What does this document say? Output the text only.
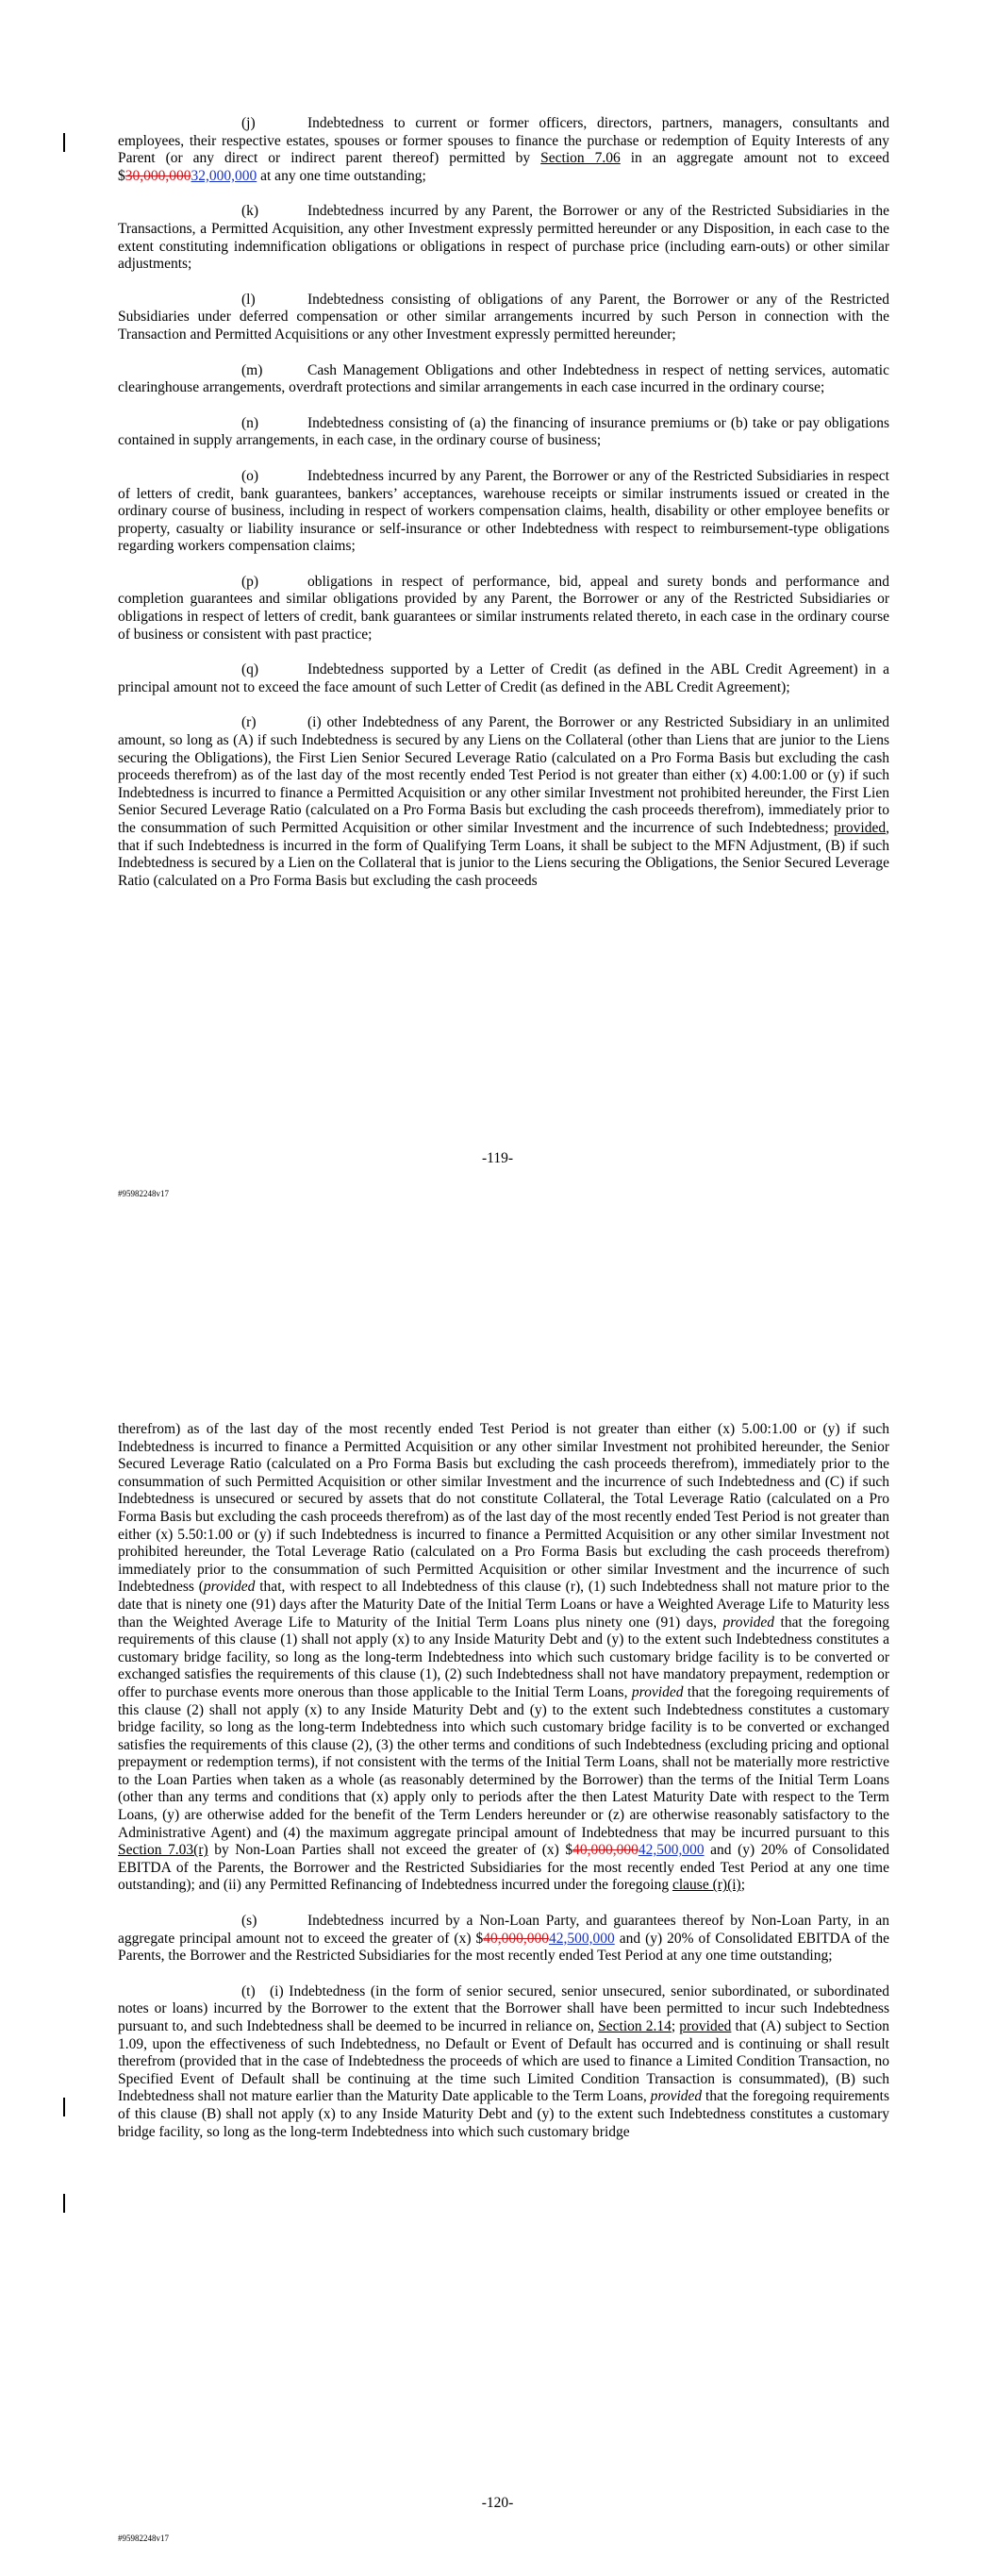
(j)	Indebtedness to current or former officers, directors, partners, managers, consultants and employees, their respective estates, spouses or former spouses to finance the purchase or redemption of Equity Interests of any Parent (or any direct or indirect parent thereof) permitted by Section 7.06 in an aggregate amount not to exceed $30,000,00032,000,000 at any one time outstanding;

(k)	Indebtedness incurred by any Parent, the Borrower or any of the Restricted Subsidiaries in the Transactions, a Permitted Acquisition, any other Investment expressly permitted hereunder or any Disposition, in each case to the extent constituting indemnification obligations or obligations in respect of purchase price (including earn-outs) or other similar adjustments;

(l)	Indebtedness consisting of obligations of any Parent, the Borrower or any of the Restricted Subsidiaries under deferred compensation or other similar arrangements incurred by such Person in connection with the Transaction and Permitted Acquisitions or any other Investment expressly permitted hereunder;

(m)	Cash Management Obligations and other Indebtedness in respect of netting services, automatic clearinghouse arrangements, overdraft protections and similar arrangements in each case incurred in the ordinary course;

(n)	Indebtedness consisting of (a) the financing of insurance premiums or (b) take or pay obligations contained in supply arrangements, in each case, in the ordinary course of business;

(o)	Indebtedness incurred by any Parent, the Borrower or any of the Restricted Subsidiaries in respect of letters of credit, bank guarantees, bankers’ acceptances, warehouse receipts or similar instruments issued or created in the ordinary course of business, including in respect of workers compensation claims, health, disability or other employee benefits or property, casualty or liability insurance or self-insurance or other Indebtedness with respect to reimbursement-type obligations regarding workers compensation claims;

(p)	obligations in respect of performance, bid, appeal and surety bonds and performance and completion guarantees and similar obligations provided by any Parent, the Borrower or any of the Restricted Subsidiaries or obligations in respect of letters of credit, bank guarantees or similar instruments related thereto, in each case in the ordinary course of business or consistent with past practice;

(q)	Indebtedness supported by a Letter of Credit (as defined in the ABL Credit Agreement) in a principal amount not to exceed the face amount of such Letter of Credit (as defined in the ABL Credit Agreement);

(r)	(i) other Indebtedness of any Parent, the Borrower or any Restricted Subsidiary in an unlimited amount, so long as (A) if such Indebtedness is secured by any Liens on the Collateral (other than Liens that are junior to the Liens securing the Obligations), the First Lien Senior Secured Leverage Ratio (calculated on a Pro Forma Basis but excluding the cash proceeds therefrom) as of the last day of the most recently ended Test Period is not greater than either (x) 4.00:1.00 or (y) if such Indebtedness is incurred to finance a Permitted Acquisition or any other similar Investment not prohibited hereunder, the First Lien Senior Secured Leverage Ratio (calculated on a Pro Forma Basis but excluding the cash proceeds therefrom), immediately prior to the consummation of such Permitted Acquisition or other similar Investment and the incurrence of such Indebtedness; provided, that if such Indebtedness is incurred in the form of Qualifying Term Loans, it shall be subject to the MFN Adjustment, (B) if such Indebtedness is secured by a Lien on the Collateral that is junior to the Liens securing the Obligations, the Senior Secured Leverage Ratio (calculated on a Pro Forma Basis but excluding the cash proceeds

-119-
#95982248v17

therefrom) as of the last day of the most recently ended Test Period is not greater than either (x) 5.00:1.00 or (y) if such Indebtedness is incurred to finance a Permitted Acquisition or any other similar Investment not prohibited hereunder, the Senior Secured Leverage Ratio (calculated on a Pro Forma Basis but excluding the cash proceeds therefrom), immediately prior to the consummation of such Permitted Acquisition or other similar Investment and the incurrence of such Indebtedness and (C) if such Indebtedness is unsecured or secured by assets that do not constitute Collateral, the Total Leverage Ratio (calculated on a Pro Forma Basis but excluding the cash proceeds therefrom) as of the last day of the most recently ended Test Period is not greater than either (x) 5.50:1.00 or (y) if such Indebtedness is incurred to finance a Permitted Acquisition or any other similar Investment not prohibited hereunder, the Total Leverage Ratio (calculated on a Pro Forma Basis but excluding the cash proceeds therefrom) immediately prior to the consummation of such Permitted Acquisition or other similar Investment and the incurrence of such Indebtedness (provided that, with respect to all Indebtedness of this clause (r), (1) such Indebtedness shall not mature prior to the date that is ninety one (91) days after the Maturity Date of the Initial Term Loans or have a Weighted Average Life to Maturity less than the Weighted Average Life to Maturity of the Initial Term Loans plus ninety one (91) days, provided that the foregoing requirements of this clause (1) shall not apply (x) to any Inside Maturity Debt and (y) to the extent such Indebtedness constitutes a customary bridge facility, so long as the long-term Indebtedness into which such customary bridge facility is to be converted or exchanged satisfies the requirements of this clause (1), (2) such Indebtedness shall not have mandatory prepayment, redemption or offer to purchase events more onerous than those applicable to the Initial Term Loans, provided that the foregoing requirements of this clause (2) shall not apply (x) to any Inside Maturity Debt and (y) to the extent such Indebtedness constitutes a customary bridge facility, so long as the long-term Indebtedness into which such customary bridge facility is to be converted or exchanged satisfies the requirements of this clause (2), (3) the other terms and conditions of such Indebtedness (excluding pricing and optional prepayment or redemption terms), if not consistent with the terms of the Initial Term Loans, shall not be materially more restrictive to the Loan Parties when taken as a whole (as reasonably determined by the Borrower) than the terms of the Initial Term Loans (other than any terms and conditions that (x) apply only to periods after the then Latest Maturity Date with respect to the Term Loans, (y) are otherwise added for the benefit of the Term Lenders hereunder or (z) are otherwise reasonably satisfactory to the Administrative Agent) and (4) the maximum aggregate principal amount of Indebtedness that may be incurred pursuant to this Section 7.03(r) by Non-Loan Parties shall not exceed the greater of (x) $40,000,00042,500,000 and (y) 20% of Consolidated EBITDA of the Parents, the Borrower and the Restricted Subsidiaries for the most recently ended Test Period at any one time outstanding); and (ii) any Permitted Refinancing of Indebtedness incurred under the foregoing clause (r)(i);

(s)	Indebtedness incurred by a Non-Loan Party, and guarantees thereof by Non-Loan Party, in an aggregate principal amount not to exceed the greater of (x) $40,000,00042,500,000 and (y) 20% of Consolidated EBITDA of the Parents, the Borrower and the Restricted Subsidiaries for the most recently ended Test Period at any one time outstanding;

(t) (i) Indebtedness (in the form of senior secured, senior unsecured, senior subordinated, or subordinated notes or loans) incurred by the Borrower to the extent that the Borrower shall have been permitted to incur such Indebtedness pursuant to, and such Indebtedness shall be deemed to be incurred in reliance on, Section 2.14; provided that (A) subject to Section 1.09, upon the effectiveness of such Indebtedness, no Default or Event of Default has occurred and is continuing or shall result therefrom (provided that in the case of Indebtedness the proceeds of which are used to finance a Limited Condition Transaction, no Specified Event of Default shall be continuing at the time such Limited Condition Transaction is consummated), (B) such Indebtedness shall not mature earlier than the Maturity Date applicable to the Term Loans, provided that the foregoing requirements of this clause (B) shall not apply (x) to any Inside Maturity Debt and (y) to the extent such Indebtedness constitutes a customary bridge facility, so long as the long-term Indebtedness into which such customary bridge

-120-
#95982248v17
